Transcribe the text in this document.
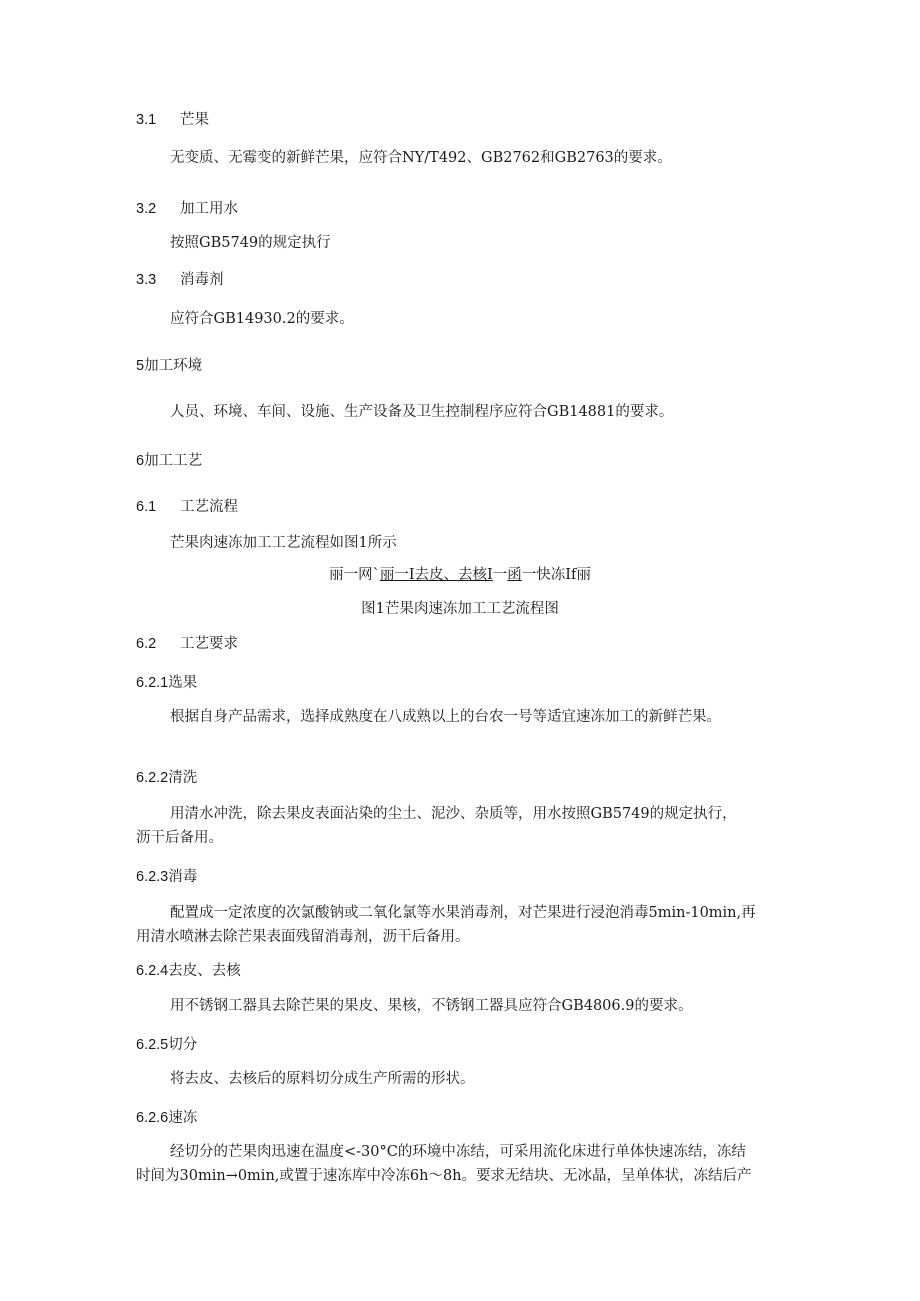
3.1 芒果
无变质、无霉变的新鲜芒果，应符合NY/T492、GB2762和GB2763的要求。
3.2 加工用水
按照GB5749的规定执行
3.3 消毒剂
应符合GB14930.2的要求。
5加工环境
人员、环境、车间、设施、生产设备及卫生控制程序应符合GB14881的要求。
6加工工艺
6.1 工艺流程
芒果肉速冻加工工艺流程如图1所示
丽一网`丽一I去皮、去核I一函一快冻If丽
图1芒果肉速冻加工工艺流程图
6.2 工艺要求
6.2.1选果
根据自身产品需求，选择成熟度在八成熟以上的台农一号等适宜速冻加工的新鲜芒果。
6.2.2清洗
用清水冲洗，除去果皮表面沾染的尘土、泥沙、杂质等，用水按照GB5749的规定执行，
沥干后备用。
6.2.3消毒
配置成一定浓度的次氯酸钠或二氧化氯等水果消毒剂，对芒果进行浸泡消毒5min-10min,再
用清水喷淋去除芒果表面残留消毒剂，沥干后备用。
6.2.4去皮、去核
用不锈钢工器具去除芒果的果皮、果核，不锈钢工器具应符合GB4806.9的要求。
6.2.5切分
将去皮、去核后的原料切分成生产所需的形状。
6.2.6速冻
经切分的芒果肉迅速在温度<-30°C的环境中冻结，可采用流化床进行单体快速冻结，冻结
时间为30min→0min,或置于速冻库中冷冻6h～8h。要求无结块、无冰晶，呈单体状，冻结后产
